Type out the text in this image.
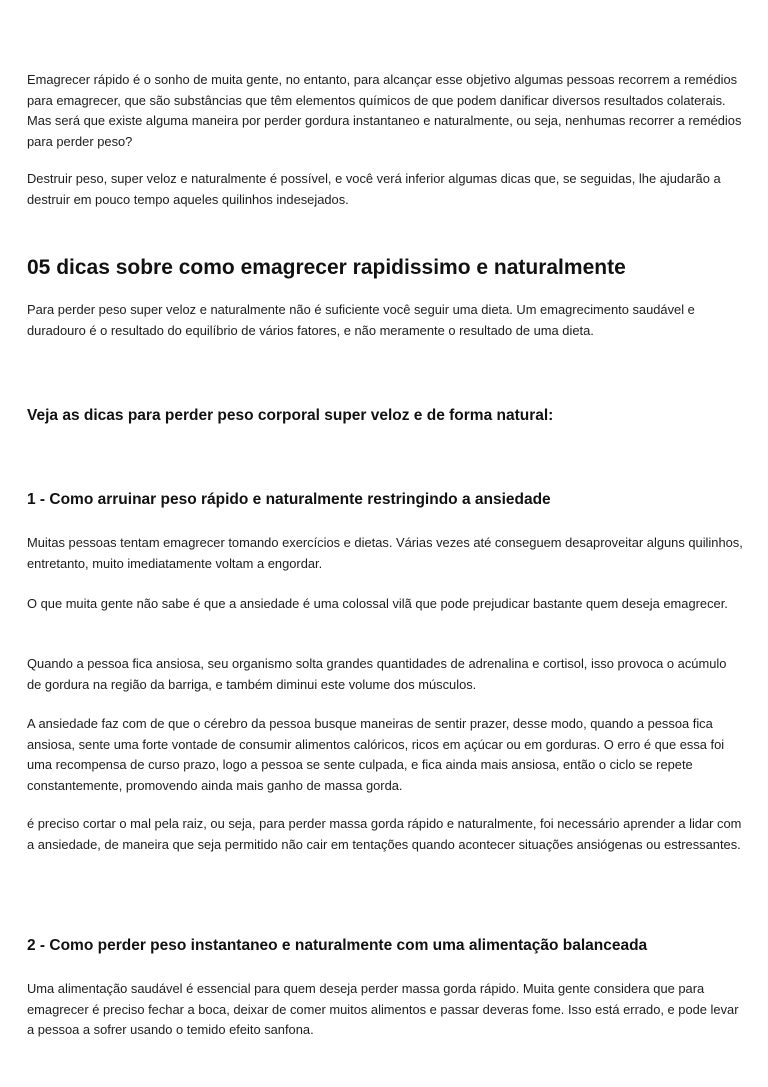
Emagrecer rápido é o sonho de muita gente, no entanto, para alcançar esse objetivo algumas pessoas recorrem a remédios para emagrecer, que são substâncias que têm elementos químicos de que podem danificar diversos resultados colaterais. Mas será que existe alguma maneira por perder gordura instantaneo e naturalmente, ou seja, nenhumas recorrer a remédios para perder peso?

Destruir peso, super veloz e naturalmente é possível, e você verá inferior algumas dicas que, se seguidas, lhe ajudarão a destruir em pouco tempo aqueles quilinhos indesejados.

05 dicas sobre como emagrecer rapidissimo e naturalmente

Para perder peso super veloz e naturalmente não é suficiente você seguir uma dieta. Um emagrecimento saudável e duradouro é o resultado do equilíbrio de vários fatores, e não meramente o resultado de uma dieta.

Veja as dicas para perder peso corporal super veloz e de forma natural:
1 - Como arruinar peso rápido e naturalmente restringindo a ansiedade

Muitas pessoas tentam emagrecer tomando exercícios e dietas. Várias vezes até conseguem desaproveitar alguns quilinhos, entretanto, muito imediatamente voltam a engordar.

O que muita gente não sabe é que a ansiedade é uma colossal vilã que pode prejudicar bastante quem deseja emagrecer.

Quando a pessoa fica ansiosa, seu organismo solta grandes quantidades de adrenalina e cortisol, isso provoca o acúmulo de gordura na região da barriga, e também diminui este volume dos músculos.

A ansiedade faz com de que o cérebro da pessoa busque maneiras de sentir prazer, desse modo, quando a pessoa fica ansiosa, sente uma forte vontade de consumir alimentos calóricos, ricos em açúcar ou em gorduras. O erro é que essa foi uma recompensa de curso prazo, logo a pessoa se sente culpada, e fica ainda mais ansiosa, então o ciclo se repete constantemente, promovendo ainda mais ganho de massa gorda.

é preciso cortar o mal pela raiz, ou seja, para perder massa gorda rápido e naturalmente, foi necessário aprender a lidar com a ansiedade, de maneira que seja permitido não cair em tentações quando acontecer situações ansiógenas ou estressantes.

2 - Como perder peso instantaneo e naturalmente com uma alimentação balanceada

Uma alimentação saudável é essencial para quem deseja perder massa gorda rápido. Muita gente considera que para emagrecer é preciso fechar a boca, deixar de comer muitos alimentos e passar deveras fome. Isso está errado, e pode levar a pessoa a sofrer usando o temido efeito sanfona.
